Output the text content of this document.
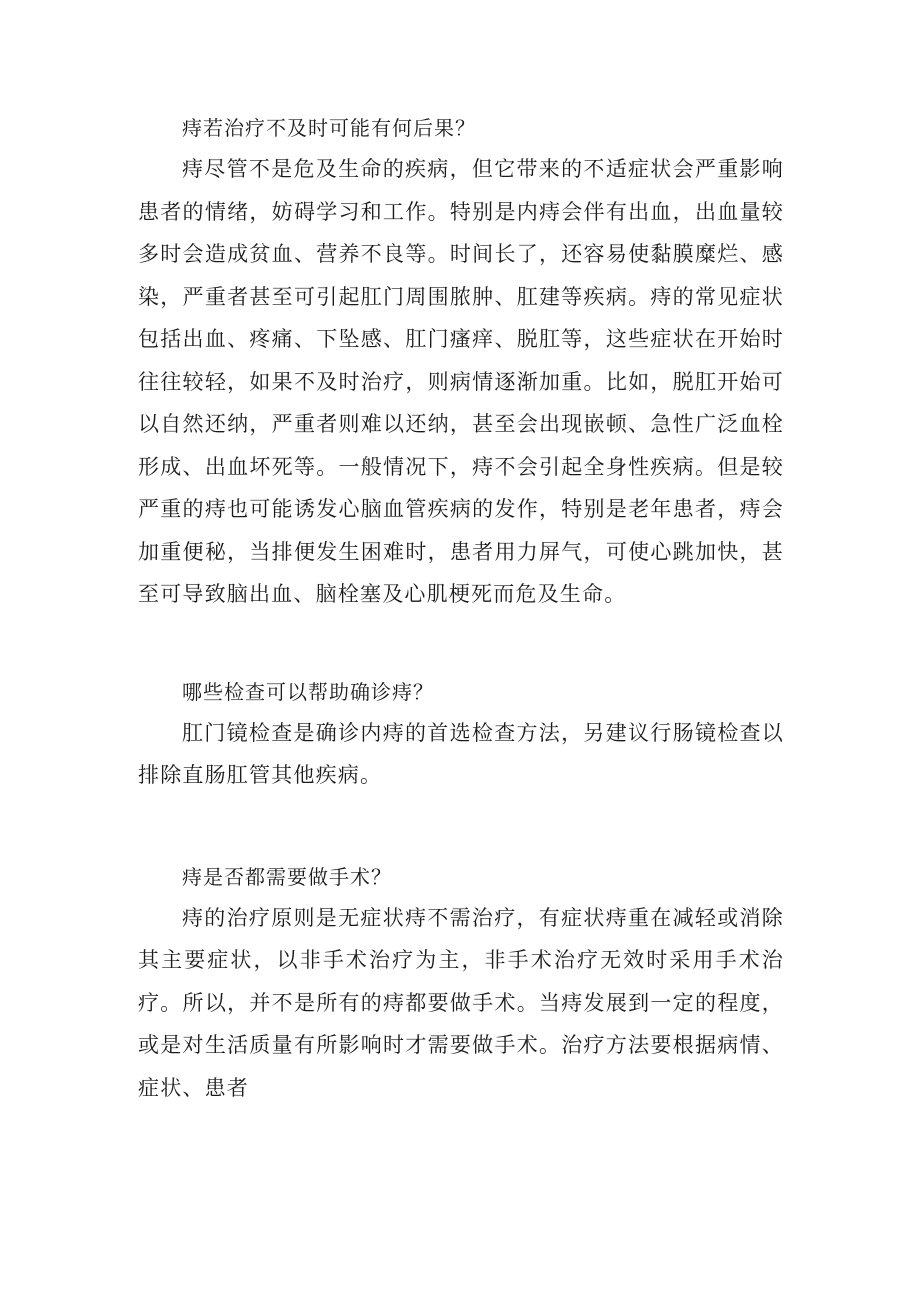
痔若治疗不及时可能有何后果？

痔尽管不是危及生命的疾病，但它带来的不适症状会严重影响患者的情绪，妨碍学习和工作。特别是内痔会伴有出血，出血量较多时会造成贫血、营养不良等。时间长了，还容易使黏膜糜烂、感染，严重者甚至可引起肛门周围脓肿、肛建等疾病。痔的常见症状包括出血、疼痛、下坠感、肛门瘙痒、脱肛等，这些症状在开始时往往较轻，如果不及时治疗，则病情逐渐加重。比如，脱肛开始可以自然还纳，严重者则难以还纳，甚至会出现嵌顿、急性广泛血栓形成、出血坏死等。一般情况下，痔不会引起全身性疾病。但是较严重的痔也可能诱发心脑血管疾病的发作，特别是老年患者，痔会加重便秘，当排便发生困难时，患者用力屏气，可使心跳加快，甚至可导致脑出血、脑栓塞及心肌梗死而危及生命。

哪些检查可以帮助确诊痔？

肛门镜检查是确诊内痔的首选检查方法，另建议行肠镜检查以排除直肠肛管其他疾病。

痔是否都需要做手术？

痔的治疗原则是无症状痔不需治疗，有症状痔重在减轻或消除其主要症状，以非手术治疗为主，非手术治疗无效时采用手术治疗。所以，并不是所有的痔都要做手术。当痔发展到一定的程度，或是对生活质量有所影响时才需要做手术。治疗方法要根据病情、症状、患者
